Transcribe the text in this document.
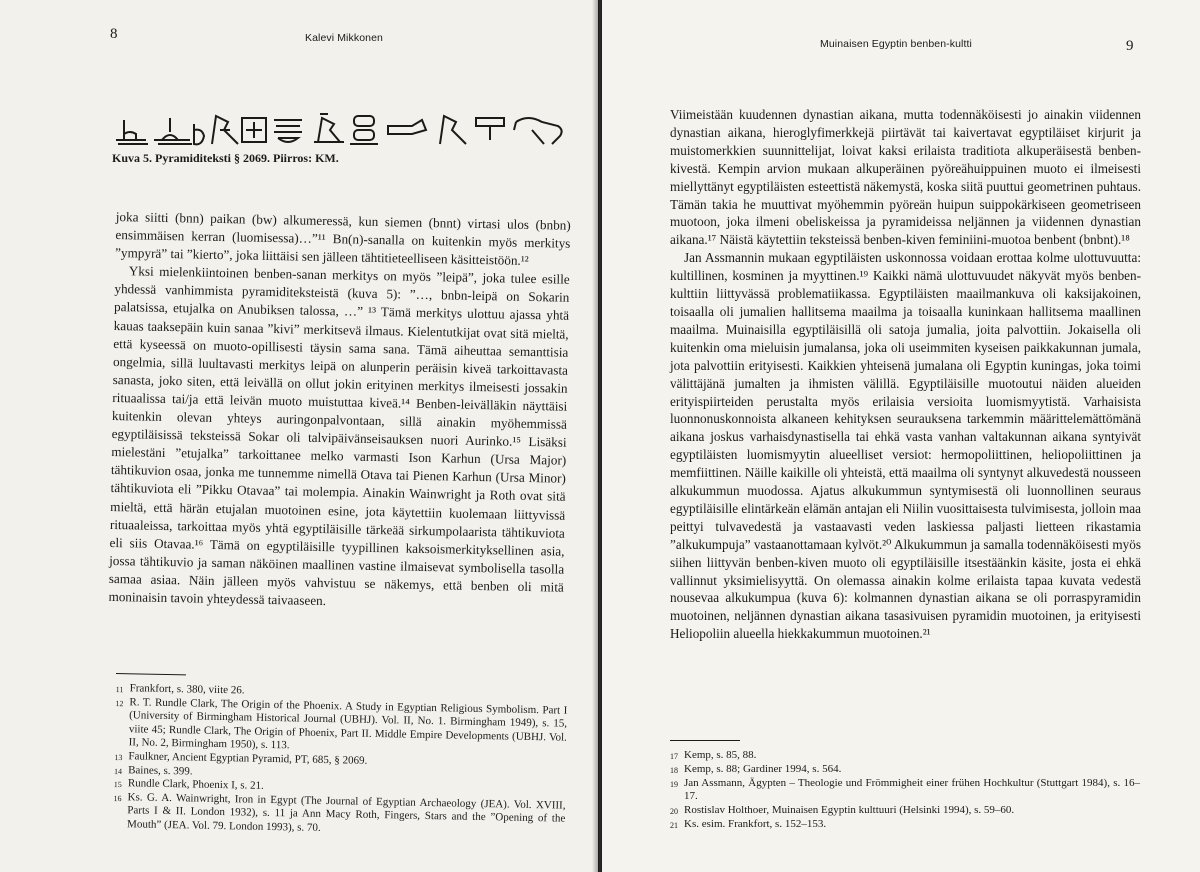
8	Kalevi Mikkonen
Kuva 5. Pyramiditeksti § 2069. Piirros: KM.

joka siitti (bnn) paikan (bw) alkumeressä, kun siemen (bnnt) virtasi ulos (bnbn) ensimmäisen kerran (luomisessa)…”¹¹ Bn(n)-sanalla on kuitenkin myös merkitys ”ympyrä” tai ”kierto”, joka liittäisi sen jälleen tähtitieteelliseen käsitteistöön.¹²

Yksi mielenkiintoinen benben-sanan merkitys on myös ”leipä”, joka tulee esille yhdessä vanhimmista pyramiditeksteistä (kuva 5): ”…, bnbn-leipä on Sokarin palatsissa, etujalka on Anubiksen talossa, …” ¹³ Tämä merkitys ulottuu ajassa yhtä kauas taaksepäin kuin sanaa ”kivi” merkitsevä ilmaus. Kielentutkijat ovat sitä mieltä, että kyseessä on muoto-opillisesti täysin sama sana. Tämä aiheuttaa semanttisia ongelmia, sillä luultavasti merkitys leipä on alunperin peräisin kiveä tarkoittavasta sanasta, joko siten, että leivällä on ollut jokin erityinen merkitys ilmeisesti jossakin rituaalissa tai/ja että leivän muoto muistuttaa kiveä.¹⁴ Benben-leivälläkin näyttäisi kuitenkin olevan yhteys auringonpalvontaan, sillä ainakin myöhemmissä egyptiläisissä teksteissä Sokar oli talvipäivänseisauksen nuori Aurinko.¹⁵ Lisäksi mielestäni ”etujalka” tarkoittanee melko varmasti Ison Karhun (Ursa Major) tähtikuvion osaa, jonka me tunnemme nimellä Otava tai Pienen Karhun (Ursa Minor) tähtikuviota eli ”Pikku Otavaa” tai molempia. Ainakin Wainwright ja Roth ovat sitä mieltä, että härän etujalan muotoinen esine, jota käytettiin kuolemaan liittyvissä rituaaleissa, tarkoittaa myös yhtä egyptiläisille tärkeää sirkumpolaarista tähtikuviota eli siis Otavaa.¹⁶ Tämä on egyptiläisille tyypillinen kaksoismerkityksellinen asia, jossa tähtikuvio ja saman näköinen maallinen vastine ilmaisevat symbolisella tasolla samaa asiaa. Näin jälleen myös vahvistuu se näkemys, että benben oli mitä moninaisin tavoin yhteydessä taivaaseen.

11 Frankfort, s. 380, viite 26.
12 R. T. Rundle Clark, The Origin of the Phoenix. A Study in Egyptian Religious Symbolism. Part I (University of Birmingham Historical Journal (UBHJ). Vol. II, No. 1. Birmingham 1949), s. 15, viite 45; Rundle Clark, The Origin of Phoenix, Part II. Middle Empire Developments (UBHJ. Vol. II, No. 2, Birmingham 1950), s. 113.
13 Faulkner, Ancient Egyptian Pyramid, PT, 685, § 2069.
14 Baines, s. 399.
15 Rundle Clark, Phoenix I, s. 21.
16 Ks. G. A. Wainwright, Iron in Egypt (The Journal of Egyptian Archaeology (JEA). Vol. XVIII, Parts I & II. London 1932), s. 11 ja Ann Macy Roth, Fingers, Stars and the ”Opening of the Mouth” (JEA. Vol. 79. London 1993), s. 70.
Muinaisen Egyptin benben-kultti	9

Viimeistään kuudennen dynastian aikana, mutta todennäköisesti jo ainakin viidennen dynastian aikana, hieroglyfimerkkejä piirtävät tai kaivertavat egyptiläiset kirjurit ja muistomerkkien suunnittelijat, loivat kaksi erilaista traditiota alkuperäisestä benben-kivestä. Kempin arvion mukaan alkuperäinen pyöreähuippuinen muoto ei ilmeisesti miellyttänyt egyptiläisten esteettistä näkemystä, koska siitä puuttui geometrinen puhtaus. Tämän takia he muuttivat myöhemmin pyöreän huipun suippokärkiseen geometriseen muotoon, joka ilmeni obeliskeissa ja pyramideissa neljännen ja viidennen dynastian aikana.¹⁷ Näistä käytettiin teksteissä benben-kiven feminiini-muotoa benbent (bnbnt).¹⁸

Jan Assmannin mukaan egyptiläisten uskonnossa voidaan erottaa kolme ulottuvuutta: kultillinen, kosminen ja myyttinen.¹⁹ Kaikki nämä ulottuvuudet näkyvät myös benben-kulttiin liittyvässä problematiikassa. Egyptiläisten maailmankuva oli kaksijakoinen, toisaalla oli jumalien hallitsema maailma ja toisaalla kuninkaan hallitsema maallinen maailma. Muinaisilla egyptiläisillä oli satoja jumalia, joita palvottiin. Jokaisella oli kuitenkin oma mieluisin jumalansa, joka oli useimmiten kyseisen paikkakunnan jumala, jota palvottiin erityisesti. Kaikkien yhteisenä jumalana oli Egyptin kuningas, joka toimi välittäjänä jumalten ja ihmisten välillä. Egyptiläisille muotoutui näiden alueiden erityispiirteiden perustalta myös erilaisia versioita luomismyytistä. Varhaisista luonnonuskonnoista alkaneen kehityksen seurauksena tarkemmin määrittelemättömänä aikana joskus varhaisdynastisella tai ehkä vasta vanhan valtakunnan aikana syntyivät egyptiläisten luomismyytin alueelliset versiot: hermopoliittinen, heliopoliittinen ja memfiittinen. Näille kaikille oli yhteistä, että maailma oli syntynyt alkuvedestä nousseen alkukummun muodossa. Ajatus alkukummun syntymisestä oli luonnollinen seuraus egyptiläisille elintärkeän elämän antajan eli Niilin vuosittaisesta tulvimisesta, jolloin maa peittyi tulvavedestä ja vastaavasti veden laskiessa paljasti lietteen rikastamia ”alkukumpuja” vastaanottamaan kylvöt.²⁰ Alkukummun ja samalla todennäköisesti myös siihen liittyvän benben-kiven muoto oli egyptiläisille itsestäänkin käsite, josta ei ehkä vallinnut yksimielisyyttä. On olemassa ainakin kolme erilaista tapaa kuvata vedestä nousevaa alkukumpua (kuva 6): kolmannen dynastian aikana se oli porraspyramidin muotoinen, neljännen dynastian aikana tasasivuisen pyramidin muotoinen, ja erityisesti Heliopoliin alueella hiekkakummun muotoinen.²¹

17 Kemp, s. 85, 88.
18 Kemp, s. 88; Gardiner 1994, s. 564.
19 Jan Assmann, Ägypten – Theologie und Frömmigheit einer frühen Hochkultur (Stuttgart 1984), s. 16–17.
20 Rostislav Holthoer, Muinaisen Egyptin kulttuuri (Helsinki 1994), s. 59–60.
21 Ks. esim. Frankfort, s. 152–153.
